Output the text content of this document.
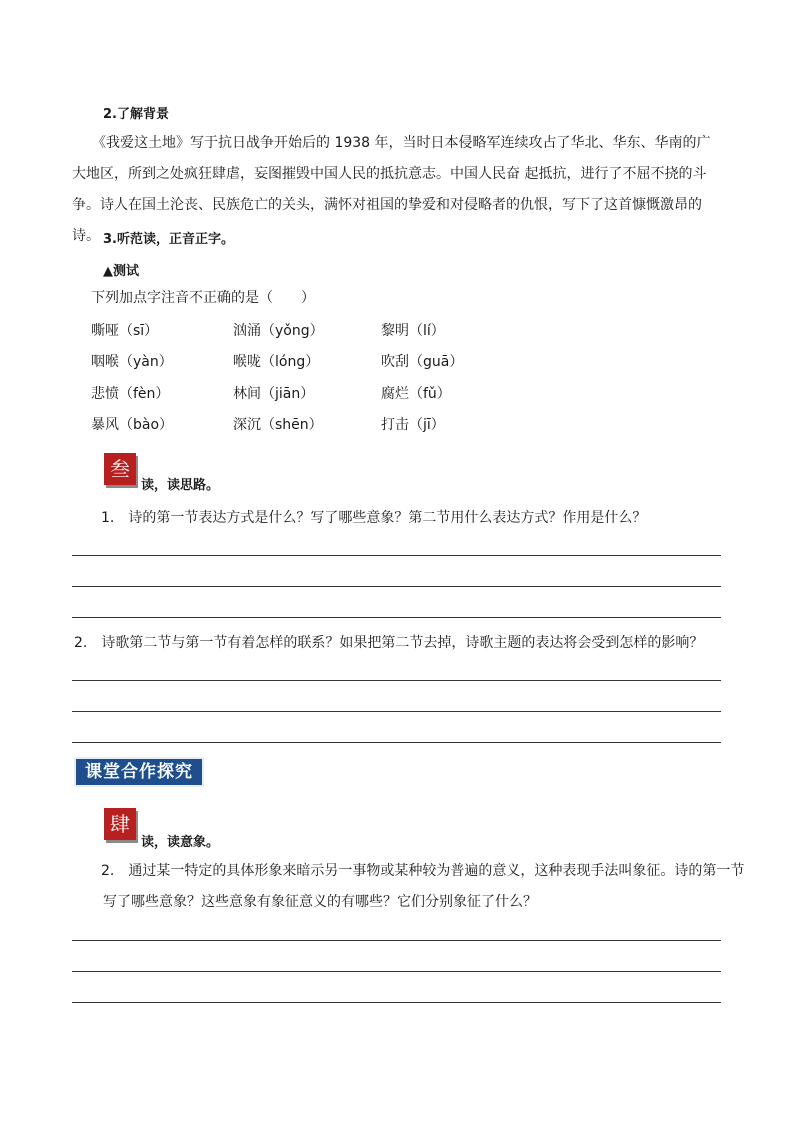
2.了解背景
《我爱这土地》写于抗日战争开始后的 1938 年，当时日本侵略军连续攻占了华北、华东、华南的广大地区，所到之处疯狂肆虐，妄图摧毁中国人民的抵抗意志。中国人民奋 起抵抗，进行了不屈不挠的斗争。诗人在国土沦丧、民族危亡的关头，满怀对祖国的挚爱和对侵略者的仇恨，写下了这首慷慨激昂的诗。 3.听范读，正音正字。
▲测试
下列加点字注音不正确的是（　　）
嘶哑（sī）	汹涌（yǒng）	黎明（lí）
咽喉（yàn）	喉咙（lóng）	吹刮（guā）
悲愤（fèn）	林间（jiān）	腐烂（fǔ）
暴风（bào）	深沉（shēn）	打击（jī）
叁
读，读思路。
1.　诗的第一节表达方式是什么？写了哪些意象？第二节用什么表达方式？作用是什么？
2.　诗歌第二节与第一节有着怎样的联系？如果把第二节去掉，诗歌主题的表达将会受到怎样的影响？
课堂合作探究
肆
读，读意象。
2.　通过某一特定的具体形象来暗示另一事物或某种较为普遍的意义，这种表现手法叫象征。诗的第一节写了哪些意象？这些意象有象征意义的有哪些？它们分别象征了什么？
